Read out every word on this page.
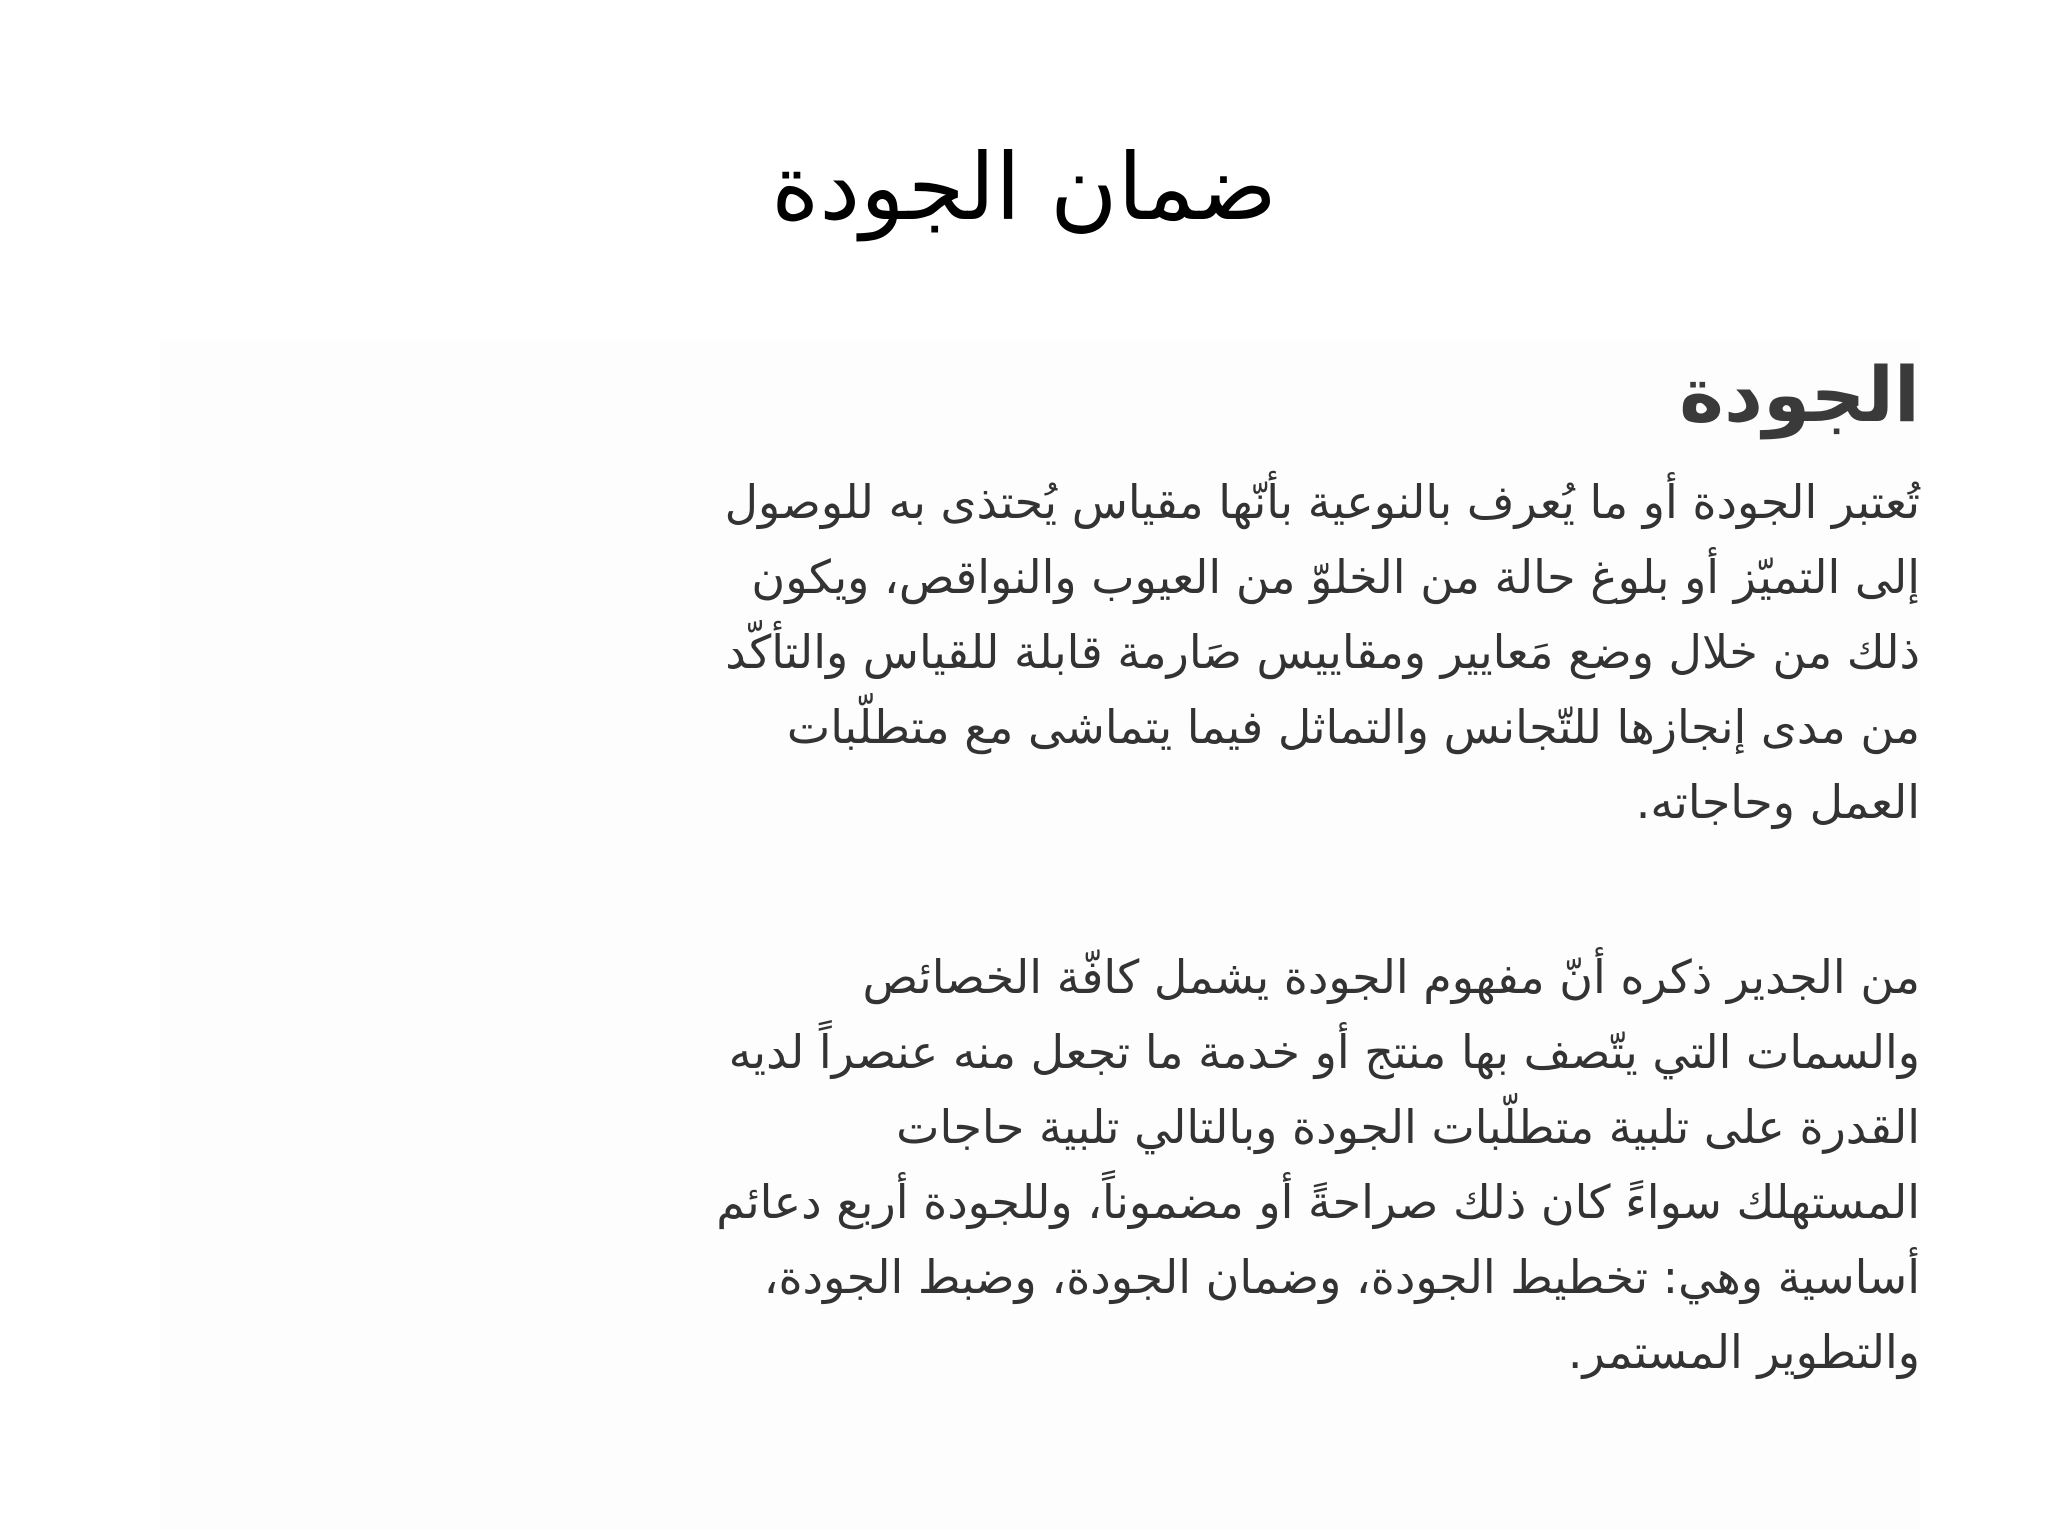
ضمان الجودة
الجودة

تُعتبر الجودة أو ما يُعرف بالنوعية بأنّها مقياس يُحتذى به للوصول
إلى التميّز أو بلوغ حالة من الخلوّ من العيوب والنواقص، ويكون
ذلك من خلال وضع مَعايير ومقاييس صَارمة قابلة للقياس والتأكّد
من مدى إنجازها للتّجانس والتماثل فيما يتماشى مع متطلّبات
العمل وحاجاته.

من الجدير ذكره أنّ مفهوم الجودة يشمل كافّة الخصائص
والسمات التي يتّصف بها منتج أو خدمة ما تجعل منه عنصراً لديه
القدرة على تلبية متطلّبات الجودة وبالتالي تلبية حاجات
المستهلك سواءً كان ذلك صراحةً أو مضموناً، وللجودة أربع دعائم
أساسية وهي: تخطيط الجودة، وضمان الجودة، وضبط الجودة،
والتطوير المستمر.
